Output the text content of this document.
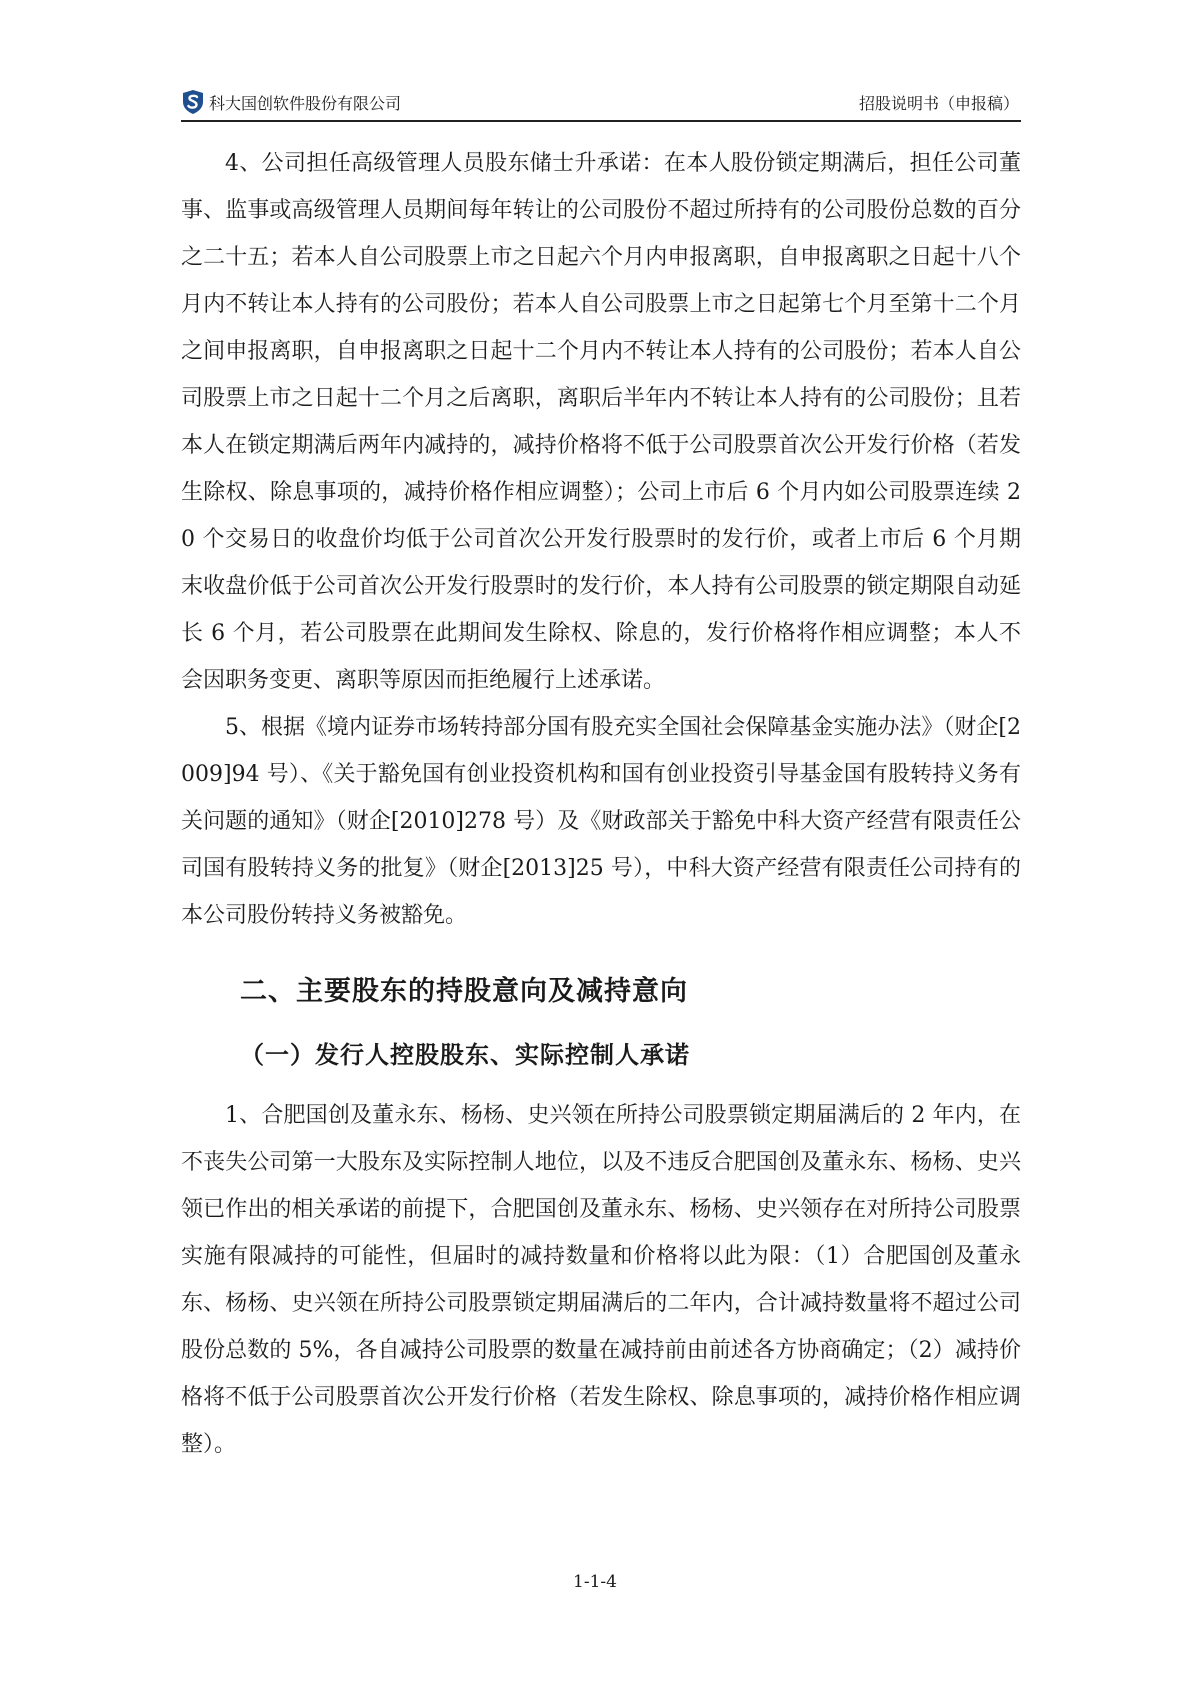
科大国创软件股份有限公司	招股说明书（申报稿）

4、公司担任高级管理人员股东储士升承诺：在本人股份锁定期满后，担任公司董事、监事或高级管理人员期间每年转让的公司股份不超过所持有的公司股份总数的百分之二十五；若本人自公司股票上市之日起六个月内申报离职，自申报离职之日起十八个月内不转让本人持有的公司股份；若本人自公司股票上市之日起第七个月至第十二个月之间申报离职，自申报离职之日起十二个月内不转让本人持有的公司股份；若本人自公司股票上市之日起十二个月之后离职，离职后半年内不转让本人持有的公司股份；且若本人在锁定期满后两年内减持的，减持价格将不低于公司股票首次公开发行价格（若发生除权、除息事项的，减持价格作相应调整）；公司上市后 6 个月内如公司股票连续 20 个交易日的收盘价均低于公司首次公开发行股票时的发行价，或者上市后 6 个月期末收盘价低于公司首次公开发行股票时的发行价，本人持有公司股票的锁定期限自动延长 6 个月，若公司股票在此期间发生除权、除息的，发行价格将作相应调整；本人不会因职务变更、离职等原因而拒绝履行上述承诺。

5、根据《境内证券市场转持部分国有股充实全国社会保障基金实施办法》（财企[2009]94 号）、《关于豁免国有创业投资机构和国有创业投资引导基金国有股转持义务有关问题的通知》（财企[2010]278 号）及《财政部关于豁免中科大资产经营有限责任公司国有股转持义务的批复》（财企[2013]25 号），中科大资产经营有限责任公司持有的本公司股份转持义务被豁免。

二、主要股东的持股意向及减持意向
（一）发行人控股股东、实际控制人承诺

1、合肥国创及董永东、杨杨、史兴领在所持公司股票锁定期届满后的 2 年内，在不丧失公司第一大股东及实际控制人地位，以及不违反合肥国创及董永东、杨杨、史兴领已作出的相关承诺的前提下，合肥国创及董永东、杨杨、史兴领存在对所持公司股票实施有限减持的可能性，但届时的减持数量和价格将以此为限：（1）合肥国创及董永东、杨杨、史兴领在所持公司股票锁定期届满后的二年内，合计减持数量将不超过公司股份总数的 5%，各自减持公司股票的数量在减持前由前述各方协商确定；（2）减持价格将不低于公司股票首次公开发行价格（若发生除权、除息事项的，减持价格作相应调整）。

1-1-4
